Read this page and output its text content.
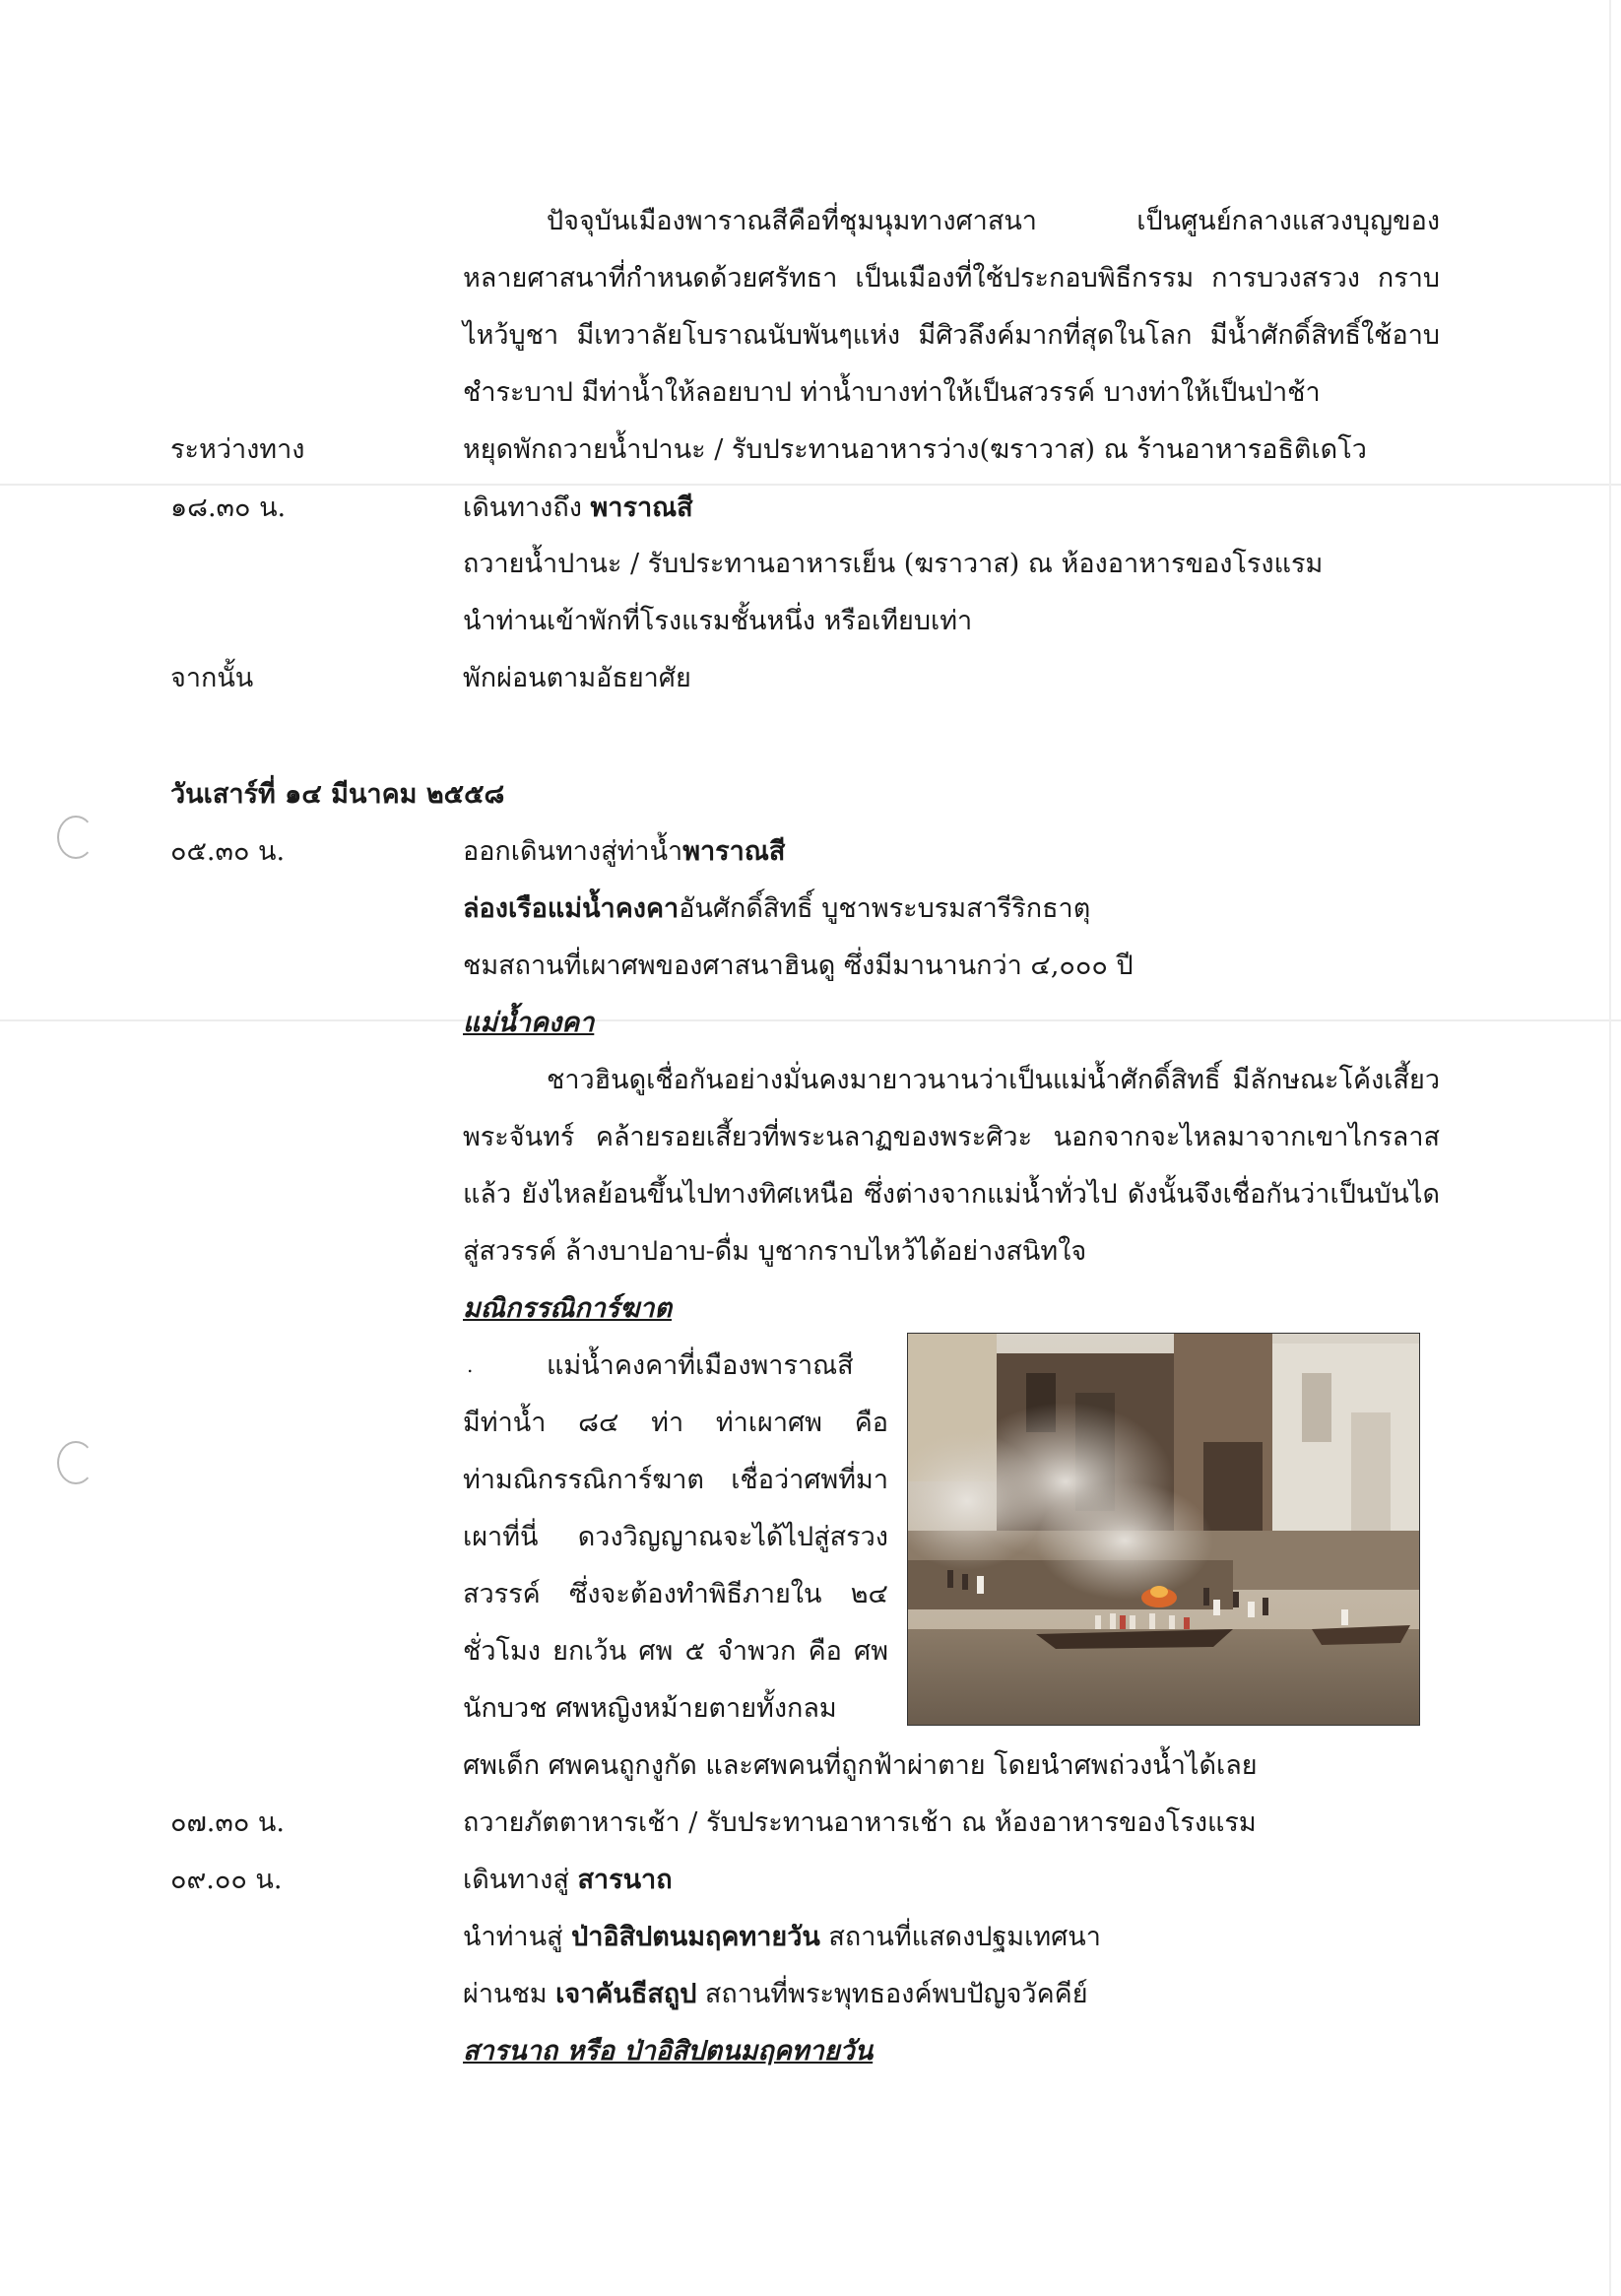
ปัจจุบันเมืองพาราณสีคือที่ชุมนุมทางศาสนา เป็นศูนย์กลางแสวงบุญของ
หลายศาสนาที่กำหนดด้วยศรัทธา เป็นเมืองที่ใช้ประกอบพิธีกรรม การบวงสรวง กราบ
ไหว้บูชา มีเทวาลัยโบราณนับพันๆแห่ง มีศิวลึงค์มากที่สุดในโลก มีน้ำศักดิ์สิทธิ์ใช้อาบ
ชำระบาป มีท่าน้ำให้ลอยบาป ท่าน้ำบางท่าให้เป็นสวรรค์ บางท่าให้เป็นป่าช้า
ระหว่างทาง	หยุดพักถวายน้ำปานะ / รับประทานอาหารว่าง(ฆราวาส) ณ ร้านอาหารอธิติเดโว
๑๘.๓๐ น.	เดินทางถึง พาราณสี
ถวายน้ำปานะ / รับประทานอาหารเย็น (ฆราวาส) ณ ห้องอาหารของโรงแรม
นำท่านเข้าพักที่โรงแรมชั้นหนึ่ง หรือเทียบเท่า
จากนั้น	พักผ่อนตามอัธยาศัย
วันเสาร์ที่ ๑๔ มีนาคม ๒๕๕๘
๐๕.๓๐ น.	ออกเดินทางสู่ท่าน้ำพาราณสี
ล่องเรือแม่น้ำคงคาอันศักดิ์สิทธิ์ บูชาพระบรมสารีริกธาตุ
ชมสถานที่เผาศพของศาสนาฮินดู ซึ่งมีมานานกว่า ๔,๐๐๐ ปี
แม่น้ำคงคา
ชาวฮินดูเชื่อกันอย่างมั่นคงมายาวนานว่าเป็นแม่น้ำศักดิ์สิทธิ์ มีลักษณะโค้งเสี้ยว
พระจันทร์ คล้ายรอยเสี้ยวที่พระนลาฏของพระศิวะ นอกจากจะไหลมาจากเขาไกรลาส
แล้ว ยังไหลย้อนขึ้นไปทางทิศเหนือ ซึ่งต่างจากแม่น้ำทั่วไป ดังนั้นจึงเชื่อกันว่าเป็นบันได
สู่สวรรค์ ล้างบาปอาบ-ดื่ม บูชากราบไหว้ได้อย่างสนิทใจ
มณิกรรณิการ์ฆาต
.	แม่น้ำคงคาที่เมืองพาราณสี
มีท่าน้ำ ๘๔ ท่า ท่าเผาศพ คือ
ท่ามณิกรรณิการ์ฆาต เชื่อว่าศพที่มา
เผาที่นี่ ดวงวิญญาณจะได้ไปสู่สรวง
สวรรค์ ซึ่งจะต้องทำพิธีภายใน ๒๔
ชั่วโมง ยกเว้น ศพ ๕ จำพวก คือ ศพ
นักบวช ศพหญิงหม้ายตายทั้งกลม
ศพเด็ก ศพคนถูกงูกัด และศพคนที่ถูกฟ้าผ่าตาย โดยนำศพถ่วงน้ำได้เลย
๐๗.๓๐ น.	ถวายภัตตาหารเช้า / รับประทานอาหารเช้า ณ ห้องอาหารของโรงแรม
๐๙.๐๐ น.	เดินทางสู่ สารนาถ
นำท่านสู่ ป่าอิสิปตนมฤคทายวัน สถานที่แสดงปฐมเทศนา
ผ่านชม เจาคันธีสถูป สถานที่พระพุทธองค์พบปัญจวัคคีย์
สารนาถ หรือ ป่าอิสิปตนมฤคทายวัน
